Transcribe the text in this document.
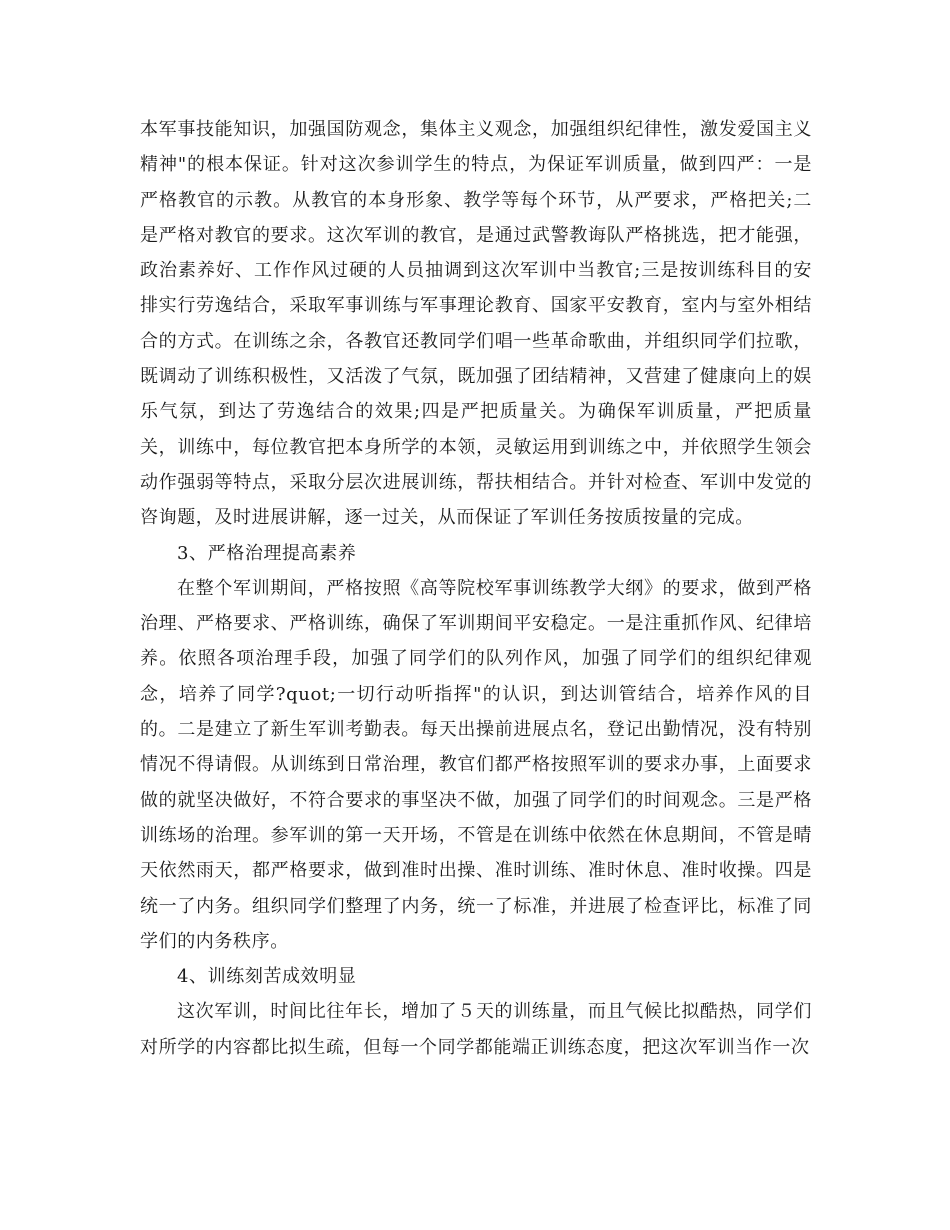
本军事技能知识，加强国防观念，集体主义观念，加强组织纪律性，激发爱国主义精神"的根本保证。针对这次参训学生的特点，为保证军训质量，做到四严：一是严格教官的示教。从教官的本身形象、教学等每个环节，从严要求，严格把关;二是严格对教官的要求。这次军训的教官，是通过武警教诲队严格挑选，把才能强，政治素养好、工作作风过硬的人员抽调到这次军训中当教官;三是按训练科目的安排实行劳逸结合，采取军事训练与军事理论教育、国家平安教育，室内与室外相结合的方式。在训练之余，各教官还教同学们唱一些革命歌曲，并组织同学们拉歌，既调动了训练积极性，又活泼了气氛，既加强了团结精神，又营建了健康向上的娱乐气氛，到达了劳逸结合的效果;四是严把质量关。为确保军训质量，严把质量关，训练中，每位教官把本身所学的本领，灵敏运用到训练之中，并依照学生领会动作强弱等特点，采取分层次进展训练，帮扶相结合。并针对检查、军训中发觉的咨询题，及时进展讲解，逐一过关，从而保证了军训任务按质按量的完成。

3、严格治理提高素养

在整个军训期间，严格按照《高等院校军事训练教学大纲》的要求，做到严格治理、严格要求、严格训练，确保了军训期间平安稳定。一是注重抓作风、纪律培养。依照各项治理手段，加强了同学们的队列作风，加强了同学们的组织纪律观念，培养了同学?quot;一切行动听指挥"的认识，到达训管结合，培养作风的目的。二是建立了新生军训考勤表。每天出操前进展点名，登记出勤情况，没有特别情况不得请假。从训练到日常治理，教官们都严格按照军训的要求办事，上面要求做的就坚决做好，不符合要求的事坚决不做，加强了同学们的时间观念。三是严格训练场的治理。参军训的第一天开场，不管是在训练中依然在休息期间，不管是晴天依然雨天，都严格要求，做到准时出操、准时训练、准时休息、准时收操。四是统一了内务。组织同学们整理了内务，统一了标准，并进展了检查评比，标准了同学们的内务秩序。

4、训练刻苦成效明显

这次军训，时间比往年长，增加了５天的训练量，而且气候比拟酷热，同学们对所学的内容都比拟生疏，但每一个同学都能端正训练态度，把这次军训当作一次
